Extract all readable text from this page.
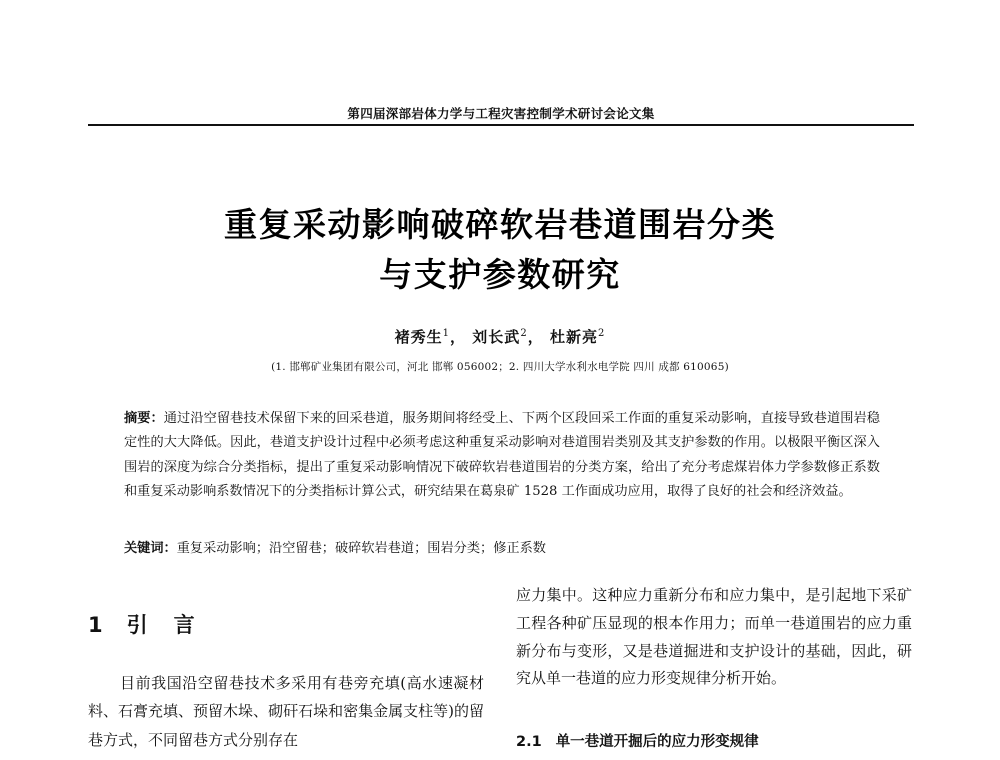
第四届深部岩体力学与工程灾害控制学术研讨会论文集
重复采动影响破碎软岩巷道围岩分类
与支护参数研究
褚秀生$^1$， 刘长武$^2$， 杜新亮$^2$
(1. 邯郸矿业集团有限公司，河北 邯郸 056002；2. 四川大学水利水电学院 四川 成都 610065)
摘要：通过沿空留巷技术保留下来的回采巷道，服务期间将经受上、下两个区段回采工作面的重复采动影响，直接导致巷道围岩稳定性的大大降低。因此，巷道支护设计过程中必须考虑这种重复采动影响对巷道围岩类别及其支护参数的作用。以极限平衡区深入围岩的深度为综合分类指标，提出了重复采动影响情况下破碎软岩巷道围岩的分类方案，给出了充分考虑煤岩体力学参数修正系数和重复采动影响系数情况下的分类指标计算公式，研究结果在葛泉矿 1528 工作面成功应用，取得了良好的社会和经济效益。
关键词：重复采动影响；沿空留巷；破碎软岩巷道；围岩分类；修正系数
1 引言

目前我国沿空留巷技术多采用有巷旁充填(高水速凝材料、石膏充填、预留木垛、砌矸石垛和密集金属支柱等)的留巷方式，不同留巷方式分别存在

应力集中。这种应力重新分布和应力集中，是引起地下采矿工程各种矿压显现的根本作用力；而单一巷道围岩的应力重新分布与变形，又是巷道掘进和支护设计的基础，因此，研究从单一巷道的应力形变规律分析开始。

2.1 单一巷道开掘后的应力形变规律
